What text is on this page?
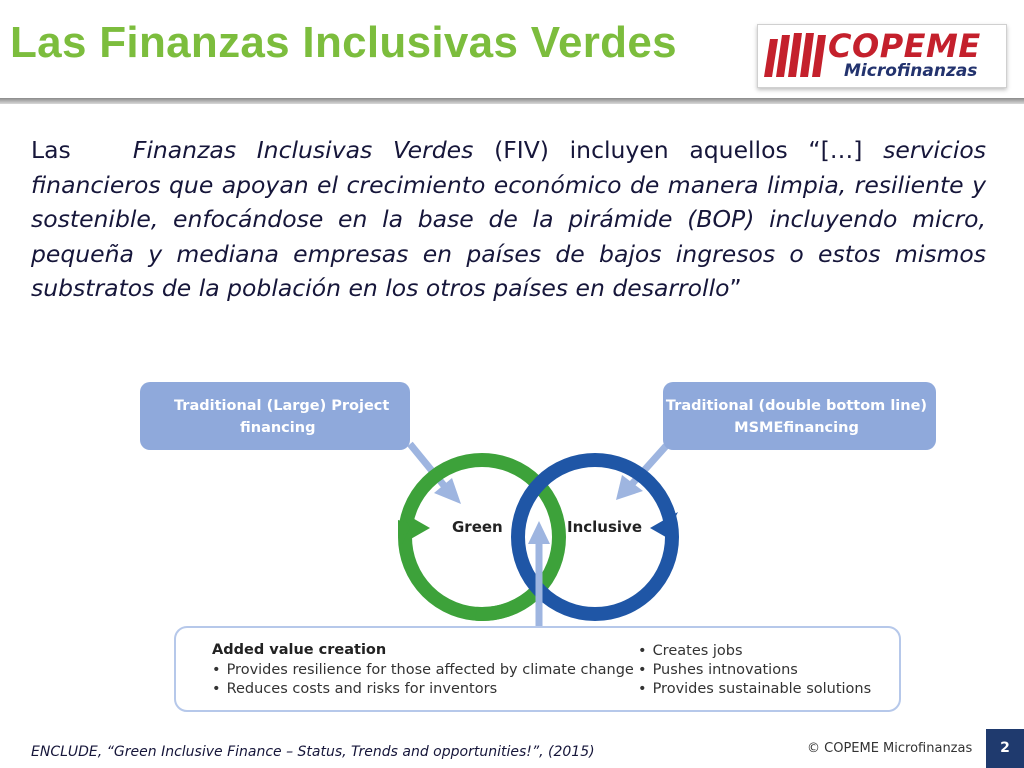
Las Finanzas Inclusivas Verdes	COPEME
Microfinanzas
Las	Finanzas Inclusivas Verdes (FIV) incluyen aquellos “[…] servicios financieros que apoyan el crecimiento económico de manera limpia, resiliente y sostenible, enfocándose en la base de la pirámide (BOP) incluyendo micro, pequeña y mediana empresas en países de bajos ingresos o estos mismos substratos de la población en los otros países en desarrollo”
Traditional (Large) Project
financing
Traditional (double bottom line)
MSMEfinancing
Green	Inclusive
Added value creation
• Provides resilience for those affected by climate change
• Reduces costs and risks for inventors
• Creates jobs
• Pushes intnovations
• Provides sustainable solutions
ENCLUDE, “Green Inclusive Finance – Status, Trends and opportunities!”, (2015)	© COPEME Microfinanzas	2
